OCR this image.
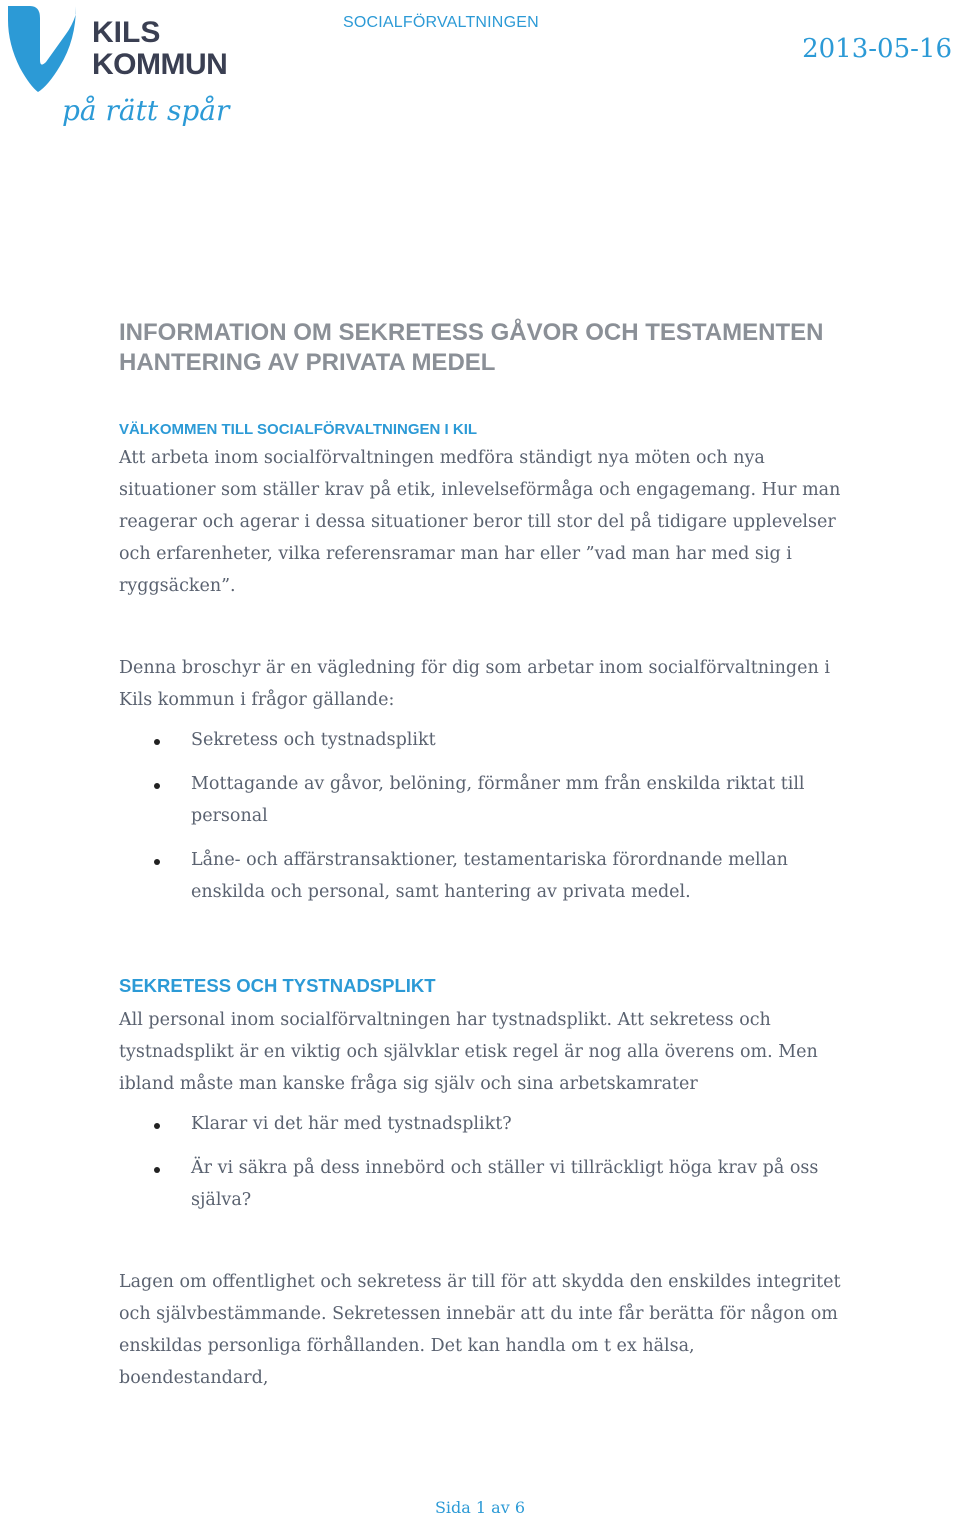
KILS
KOMMUN
på rätt spår
SOCIALFÖRVALTNINGEN
2013-05-16
INFORMATION OM SEKRETESS GÅVOR OCH TESTAMENTEN
HANTERING AV PRIVATA MEDEL
VÄLKOMMEN TILL SOCIALFÖRVALTNINGEN I KIL

Att arbeta inom socialförvaltningen medföra ständigt nya möten och nya situationer som ställer krav på etik, inlevelseförmåga och engagemang. Hur man reagerar och agerar i dessa situationer beror till stor del på tidigare upplevelser och erfarenheter, vilka referensramar man har eller ”vad man har med sig i ryggsäcken”.

Denna broschyr är en vägledning för dig som arbetar inom socialförvaltningen i Kils kommun i frågor gällande:

Sekretess och tystnadsplikt
Mottagande av gåvor, belöning, förmåner mm från enskilda riktat till personal
Låne- och affärstransaktioner, testamentariska förordnande mellan enskilda och personal, samt hantering av privata medel.
SEKRETESS OCH TYSTNADSPLIKT

All personal inom socialförvaltningen har tystnadsplikt. Att sekretess och tystnadsplikt är en viktig och självklar etisk regel är nog alla överens om. Men ibland måste man kanske fråga sig själv och sina arbetskamrater

Klarar vi det här med tystnadsplikt?
Är vi säkra på dess innebörd och ställer vi tillräckligt höga krav på oss själva?

Lagen om offentlighet och sekretess är till för att skydda den enskildes integritet och självbestämmande. Sekretessen innebär att du inte får berätta för någon om enskildas personliga förhållanden. Det kan handla om t ex hälsa, boendestandard,

Sida 1 av 6
